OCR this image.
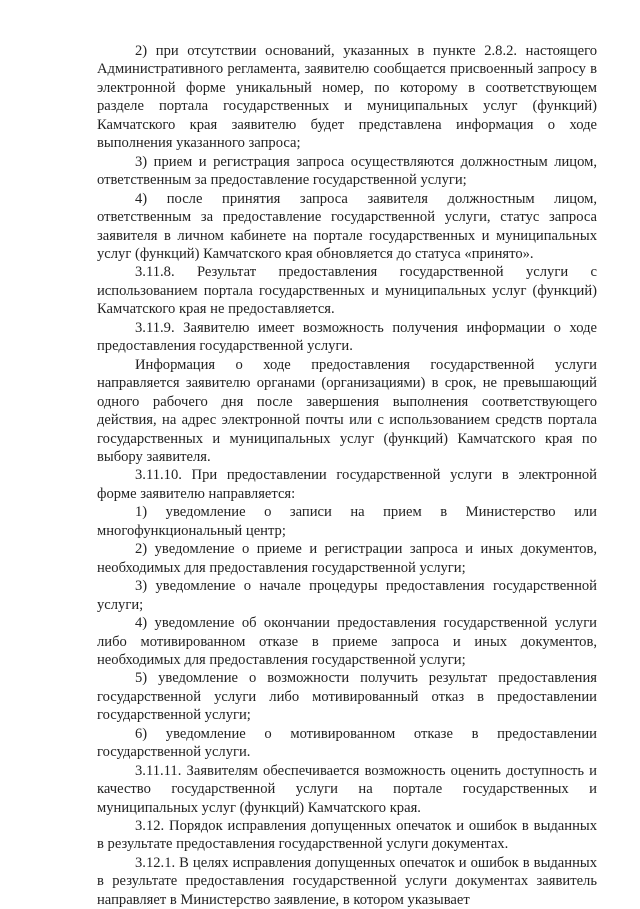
2) при отсутствии оснований, указанных в пункте 2.8.2. настоящего Административного регламента, заявителю сообщается присвоенный запросу в электронной форме уникальный номер, по которому в соответствующем разделе портала государственных и муниципальных услуг (функций) Камчатского края заявителю будет представлена информация о ходе выполнения указанного запроса;

3) прием и регистрация запроса осуществляются должностным лицом, ответственным за предоставление государственной услуги;

4) после принятия запроса заявителя должностным лицом, ответственным за предоставление государственной услуги, статус запроса заявителя в личном кабинете на портале государственных и муниципальных услуг (функций) Камчатского края обновляется до статуса «принято».

3.11.8. Результат предоставления государственной услуги с использованием портала государственных и муниципальных услуг (функций) Камчатского края не предоставляется.

3.11.9. Заявителю имеет возможность получения информации о ходе предоставления государственной услуги.

Информация о ходе предоставления государственной услуги направляется заявителю органами (организациями) в срок, не превышающий одного рабочего дня после завершения выполнения соответствующего действия, на адрес электронной почты или с использованием средств портала государственных и муниципальных услуг (функций) Камчатского края по выбору заявителя.

3.11.10. При предоставлении государственной услуги в электронной форме заявителю направляется:

1) уведомление о записи на прием в Министерство или многофункциональный центр;

2) уведомление о приеме и регистрации запроса и иных документов, необходимых для предоставления государственной услуги;

3) уведомление о начале процедуры предоставления государственной услуги;

4) уведомление об окончании предоставления государственной услуги либо мотивированном отказе в приеме запроса и иных документов, необходимых для предоставления государственной услуги;

5) уведомление о возможности получить результат предоставления государственной услуги либо мотивированный отказ в предоставлении государственной услуги;

6) уведомление о мотивированном отказе в предоставлении государственной услуги.

3.11.11. Заявителям обеспечивается возможность оценить доступность и качество государственной услуги на портале государственных и муниципальных услуг (функций) Камчатского края.

3.12. Порядок исправления допущенных опечаток и ошибок в выданных в результате предоставления государственной услуги документах.

3.12.1. В целях исправления допущенных опечаток и ошибок в выданных в результате предоставления государственной услуги документах заявитель направляет в Министерство заявление, в котором указывает
